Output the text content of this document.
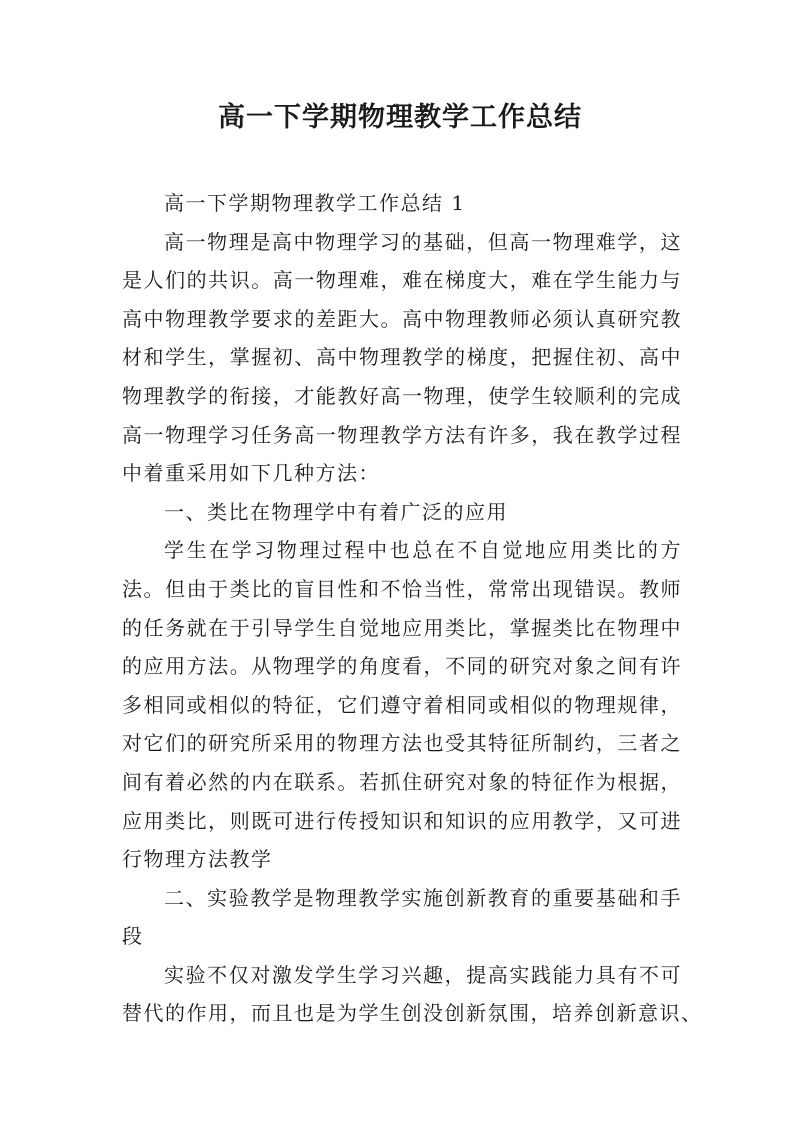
高一下学期物理教学工作总结
高一下学期物理教学工作总结 1
高一物理是高中物理学习的基础，但高一物理难学，这
是人们的共识。高一物理难，难在梯度大，难在学生能力与
高中物理教学要求的差距大。高中物理教师必须认真研究教
材和学生，掌握初、高中物理教学的梯度，把握住初、高中
物理教学的衔接，才能教好高一物理，使学生较顺利的完成
高一物理学习任务高一物理教学方法有许多，我在教学过程
中着重采用如下几种方法：
一、类比在物理学中有着广泛的应用
学生在学习物理过程中也总在不自觉地应用类比的方
法。但由于类比的盲目性和不恰当性，常常出现错误。教师
的任务就在于引导学生自觉地应用类比，掌握类比在物理中
的应用方法。从物理学的角度看，不同的研究对象之间有许
多相同或相似的特征，它们遵守着相同或相似的物理规律，
对它们的研究所采用的物理方法也受其特征所制约，三者之
间有着必然的内在联系。若抓住研究对象的特征作为根据，
应用类比，则既可进行传授知识和知识的应用教学，又可进
行物理方法教学
二、实验教学是物理教学实施创新教育的重要基础和手
段
实验不仅对激发学生学习兴趣，提高实践能力具有不可
替代的作用，而且也是为学生创没创新氛围，培养创新意识、
